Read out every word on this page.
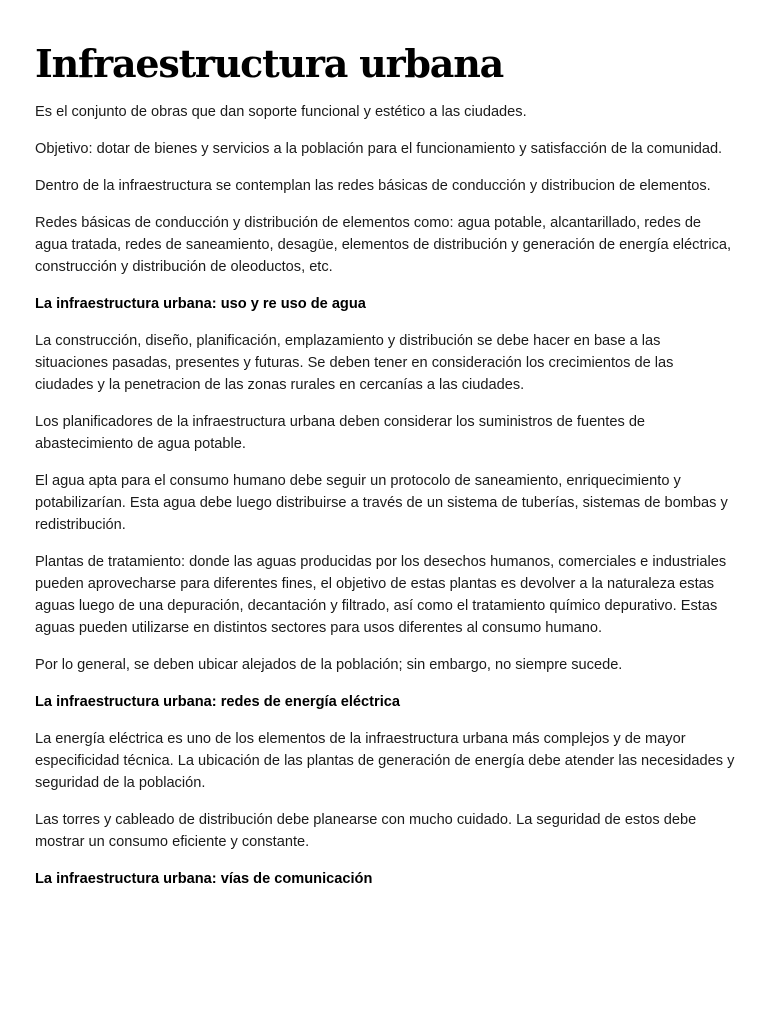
Infraestructura urbana

Es el conjunto de obras que dan soporte funcional y estético a las ciudades.

Objetivo: dotar de bienes y servicios a la población para el funcionamiento y satisfacción de la comunidad.

Dentro de la infraestructura se contemplan las redes básicas de conducción y distribucion de elementos.

Redes básicas de conducción y distribución de elementos como: agua potable, alcantarillado, redes de agua tratada, redes de saneamiento, desagüe, elementos de distribución y generación de energía eléctrica, construcción y distribución de oleoductos, etc.

La infraestructura urbana: uso y re uso de agua

La construcción, diseño, planificación, emplazamiento y distribución se debe hacer en base a las situaciones pasadas, presentes y futuras. Se deben tener en consideración los crecimientos de las ciudades y la penetracion de las zonas rurales en cercanías a las ciudades.

Los planificadores de la infraestructura urbana deben considerar los suministros de fuentes de abastecimiento de agua potable.

El agua apta para el consumo humano debe seguir un protocolo de saneamiento, enriquecimiento y potabilizarían. Esta agua debe luego distribuirse a través de un sistema de tuberías, sistemas de bombas y redistribución.

Plantas de tratamiento: donde las aguas producidas por los desechos humanos, comerciales e industriales pueden aprovecharse para diferentes fines, el objetivo de estas plantas es devolver a la naturaleza estas aguas luego de una depuración, decantación y filtrado, así como el tratamiento químico depurativo. Estas aguas pueden utilizarse en distintos sectores para usos diferentes al consumo humano.

Por lo general, se deben ubicar alejados de la población; sin embargo, no siempre sucede.

La infraestructura urbana: redes de energía eléctrica

La energía eléctrica es uno de los elementos de la infraestructura urbana más complejos y de mayor especificidad técnica. La ubicación de las plantas de generación de energía debe atender las necesidades y seguridad de la población.

Las torres y cableado de distribución debe planearse con mucho cuidado. La seguridad de estos debe mostrar un consumo eficiente y constante.

La infraestructura urbana: vías de comunicación
